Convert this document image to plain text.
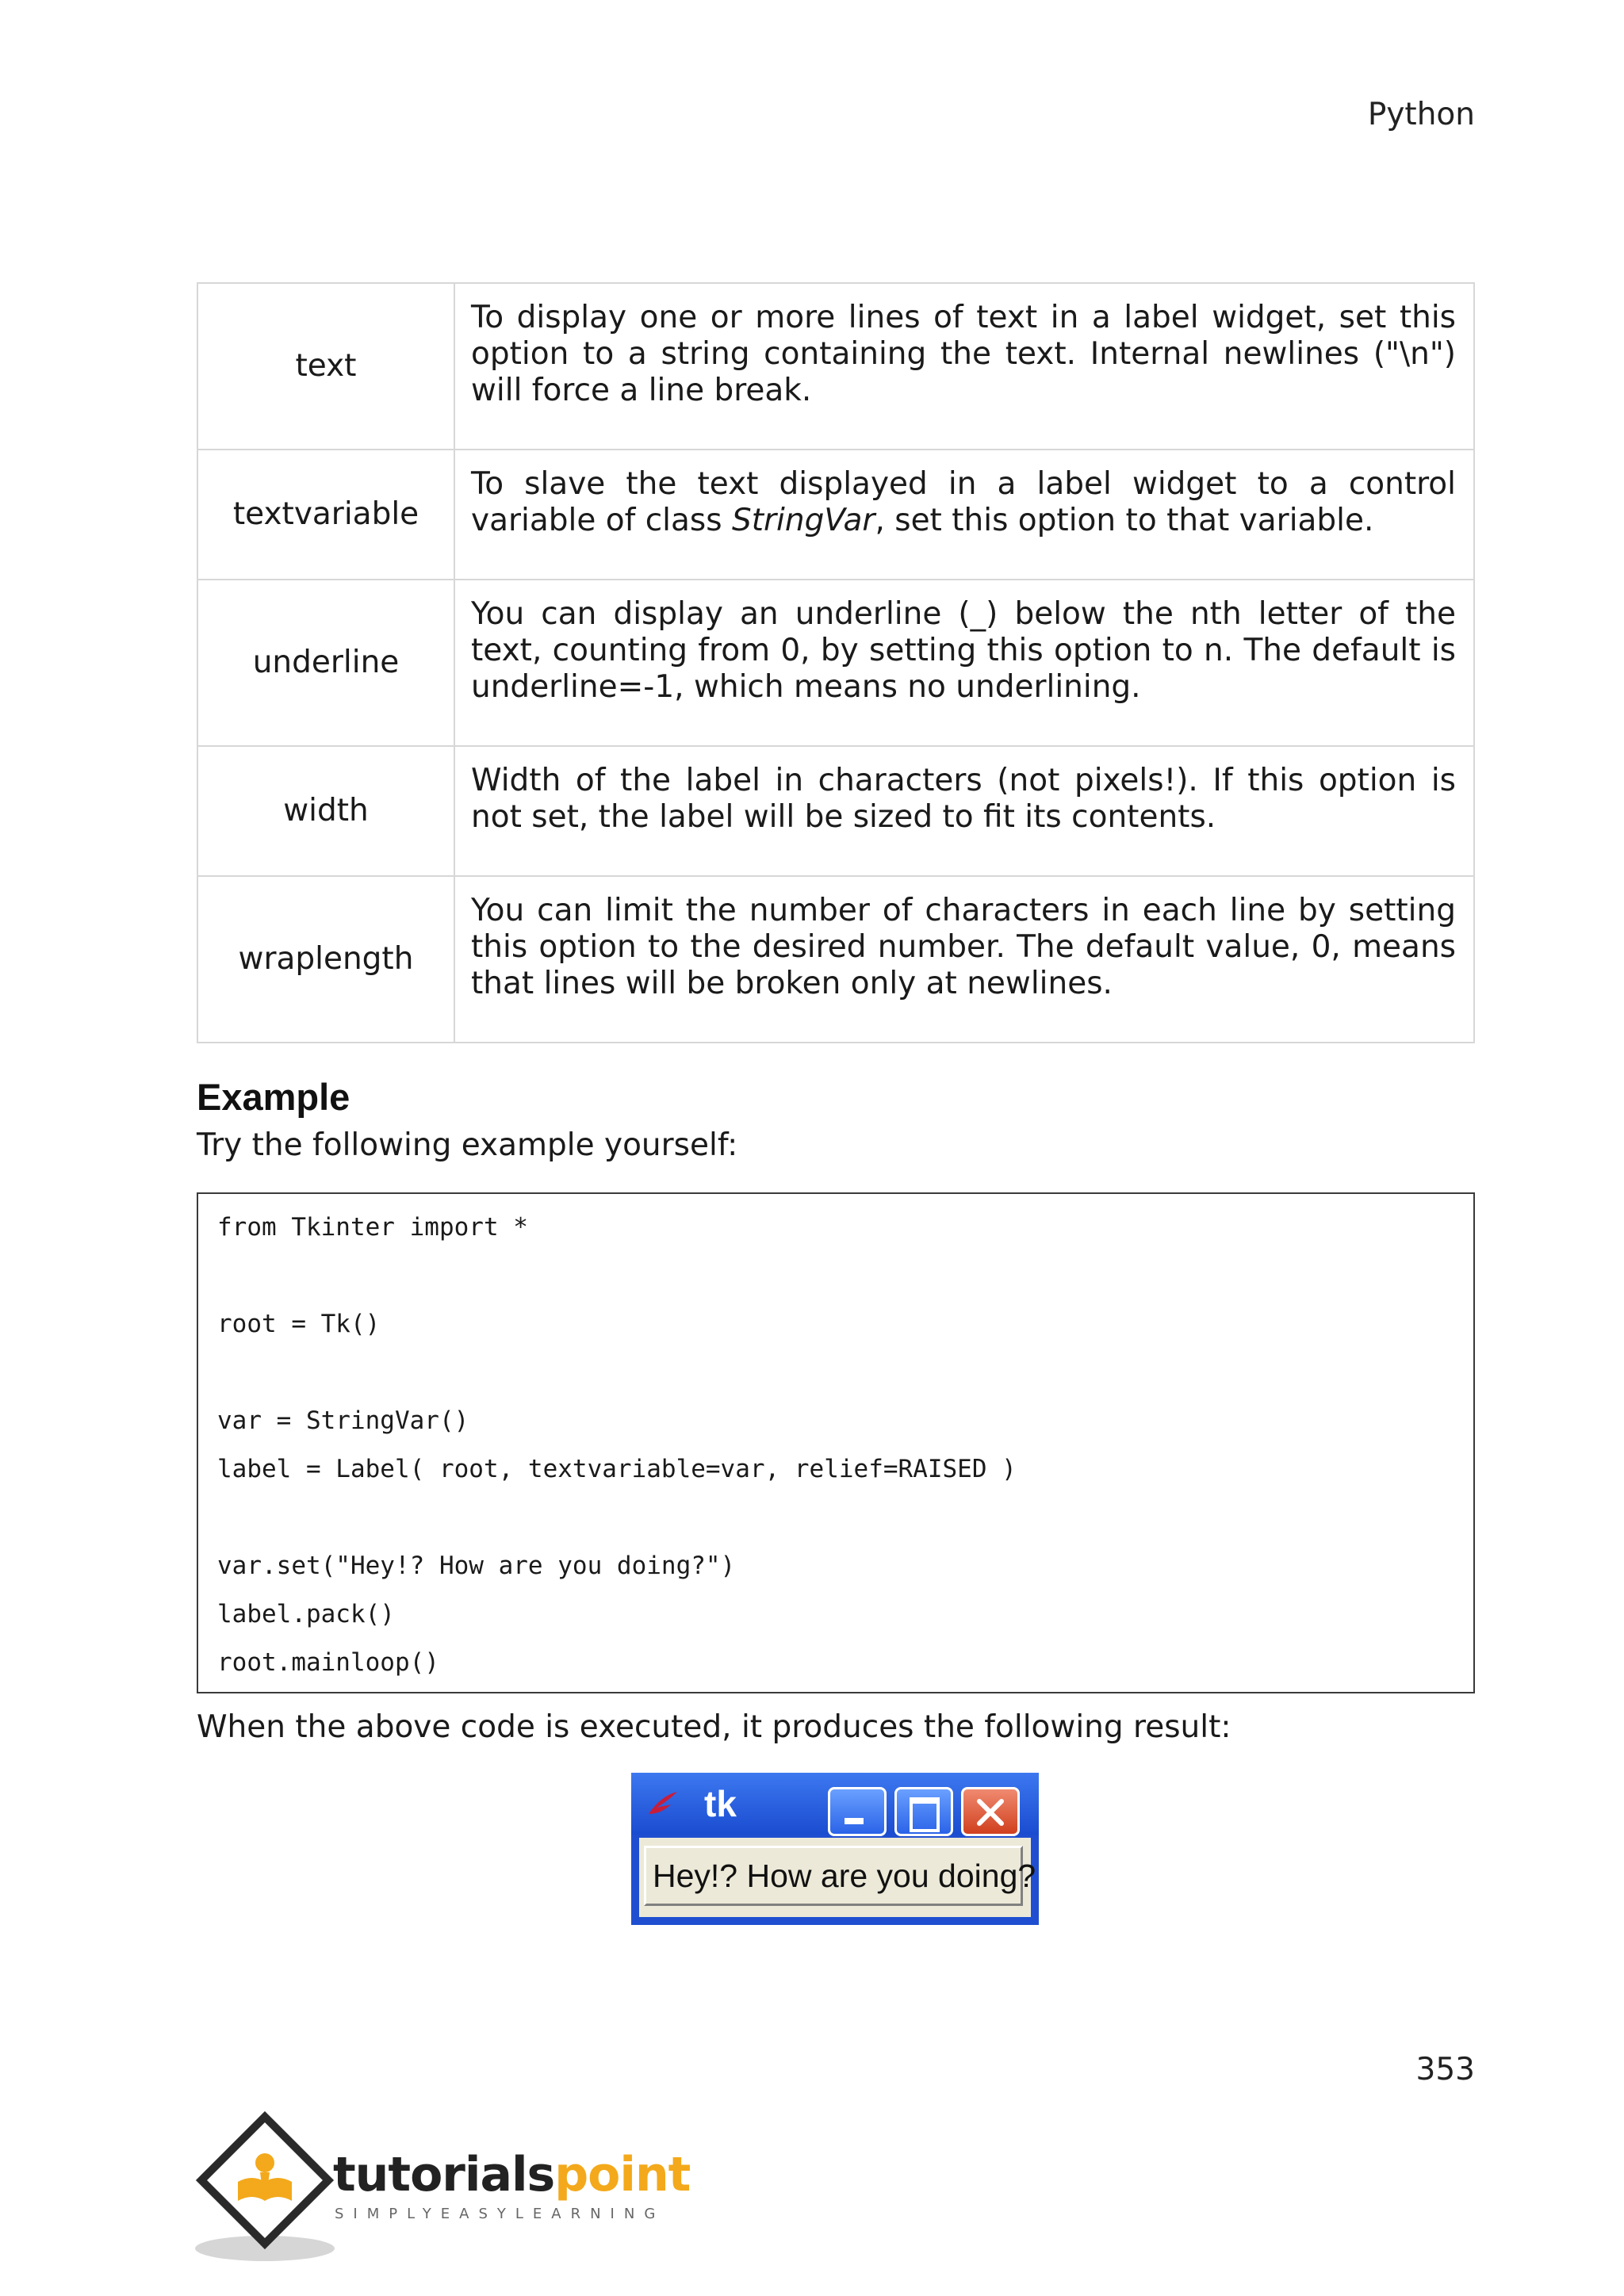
Python
text	To display one or more lines of text in a label widget, set this option to a string containing the text. Internal newlines ("\n") will force a line break.
textvariable	To slave the text displayed in a label widget to a control variable of class StringVar, set this option to that variable.
underline	You can display an underline (_) below the nth letter of the text, counting from 0, by setting this option to n. The default is underline=-1, which means no underlining.
width	Width of the label in characters (not pixels!). If this option is not set, the label will be sized to fit its contents.
wraplength	You can limit the number of characters in each line by setting this option to the desired number. The default value, 0, means that lines will be broken only at newlines.
Example
Try the following example yourself:
from Tkinter import *
root = Tk()
var = StringVar()
label = Label( root, textvariable=var, relief=RAISED )
var.set("Hey!? How are you doing?")
label.pack()
root.mainloop()
When the above code is executed, it produces the following result:
tk
Hey!? How are you doing?
353
tutorialspoint
SIMPLYEASYLEARNING
